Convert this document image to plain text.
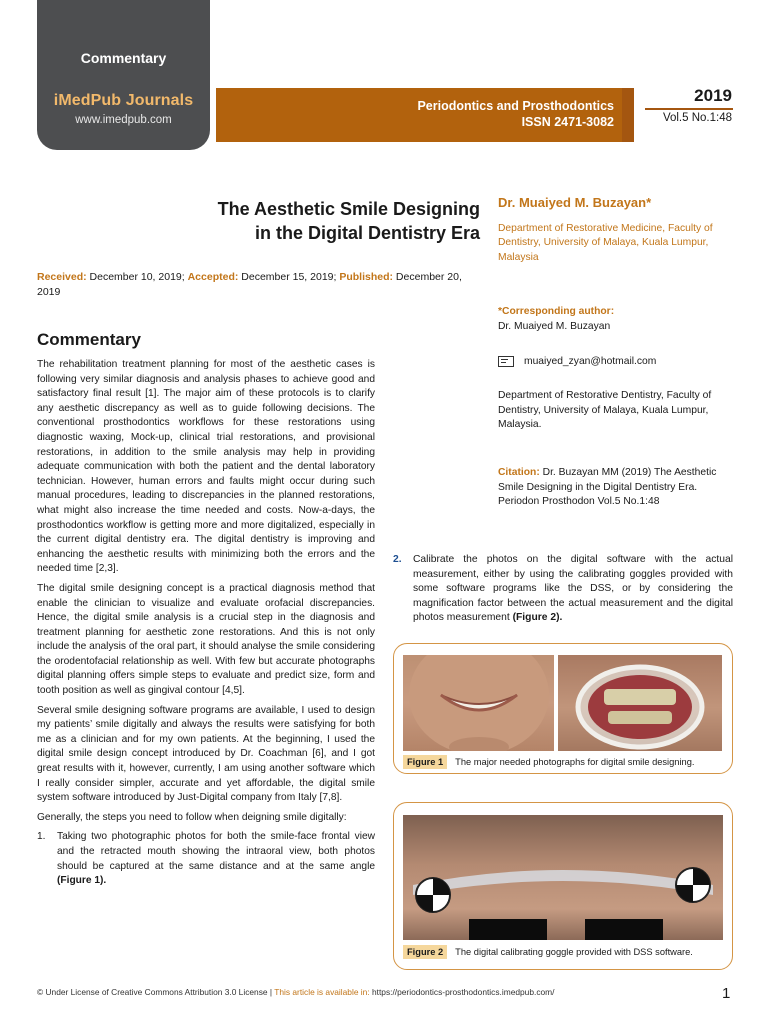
Commentary
iMedPub Journals
www.imedpub.com
Periodontics and Prosthodontics
ISSN 2471-3082
2019
Vol.5 No.1:48
The Aesthetic Smile Designing
in the Digital Dentistry Era
Received: December 10, 2019; Accepted: December 15, 2019; Published: December 20, 2019
Commentary

The rehabilitation treatment planning for most of the aesthetic cases is following very similar diagnosis and analysis phases to achieve good and satisfactory final result [1]. The major aim of these protocols is to clarify any aesthetic discrepancy as well as to guide following decisions. The conventional prosthodontics workflows for these restorations using diagnostic waxing, Mock-up, clinical trial restorations, and provisional restorations, in addition to the smile analysis may help in providing adequate communication with both the patient and the dental laboratory technician. However, human errors and faults might occur during such manual procedures, leading to discrepancies in the planned restorations, what might also increase the time needed and costs. Now-a-days, the prosthodontics workflow is getting more and more digitalized, especially in the current digital dentistry era. The digital dentistry is improving and enhancing the aesthetic results with minimizing both the errors and the needed time [2,3].

The digital smile designing concept is a practical diagnosis method that enable the clinician to visualize and evaluate orofacial discrepancies. Hence, the digital smile analysis is a crucial step in the diagnosis and treatment planning for aesthetic zone restorations. And this is not only include the analysis of the oral part, it should analyse the smile considering the orodentofacial relationship as well. With few but accurate photographs digital planning offers simple steps to evaluate and predict size, form and tooth position as well as gingival contour [4,5].

Several smile designing software programs are available, I used to design my patients’ smile digitally and always the results were satisfying for both me as a clinician and for my own patients. At the beginning, I used the digital smile design concept introduced by Dr. Coachman [6], and I got great results with it, however, currently, I am using another software which I really consider simpler, accurate and yet affordable, the digital smile system software introduced by Just-Digital company from Italy [7,8].

Generally, the steps you need to follow when deigning smile digitally:

1.	Taking two photographic photos for both the smile-face frontal view and the retracted mouth showing the intraoral view, both photos should be captured at the same distance and at the same angle (Figure 1).
Dr. Muaiyed M. Buzayan*
Department of Restorative Medicine, Faculty of Dentistry, University of Malaya, Kuala Lumpur, Malaysia
*Corresponding author:
Dr. Muaiyed M. Buzayan
muaiyed_zyan@hotmail.com
Department of Restorative Dentistry, Faculty of Dentistry, University of Malaya, Kuala Lumpur, Malaysia.
Citation: Dr. Buzayan MM (2019) The Aesthetic Smile Designing in the Digital Dentistry Era. Periodon Prosthodon Vol.5 No.1:48
2.	Calibrate the photos on the digital software with the actual measurement, either by using the calibrating goggles provided with some software programs like the DSS, or by considering the magnification factor between the actual measurement and the digital photos measurement (Figure 2).
Figure 1	The major needed photographs for digital smile designing.
Figure 2	The digital calibrating goggle provided with DSS software.
© Under License of Creative Commons Attribution 3.0 License | This article is available in: https://periodontics-prosthodontics.imedpub.com/	1
